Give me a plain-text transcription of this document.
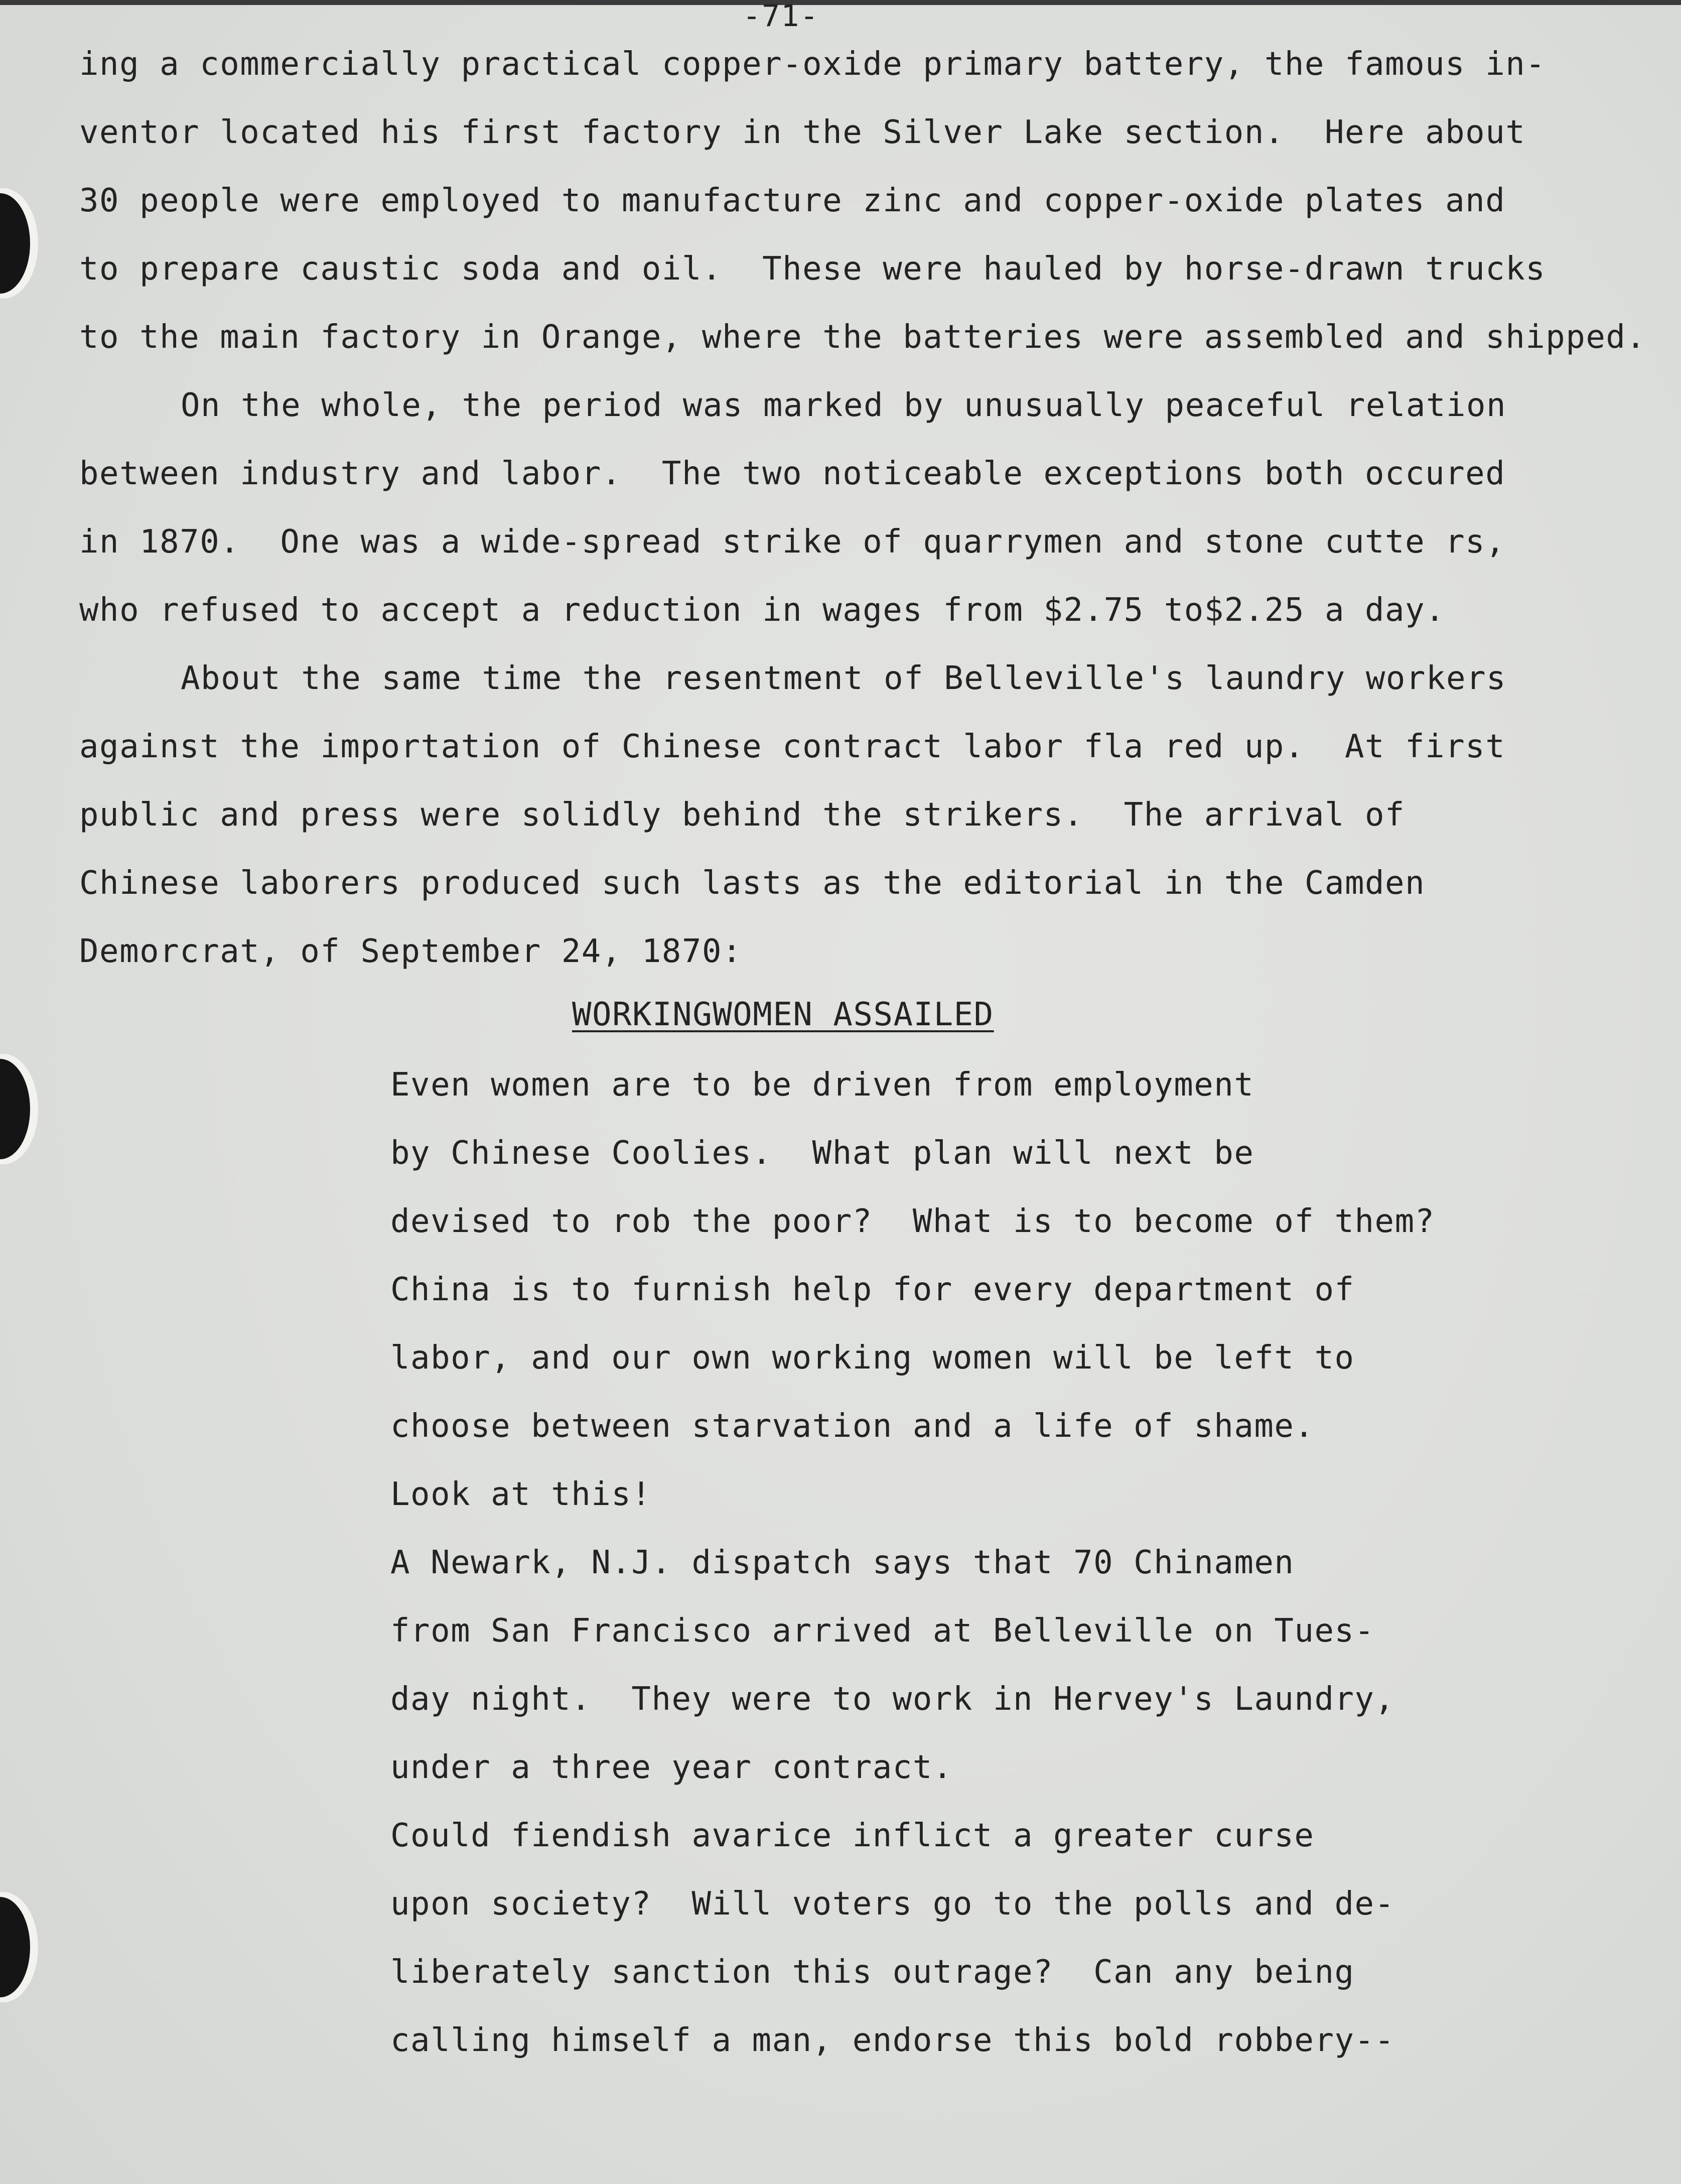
-71-
ing a commercially practical copper-oxide primary battery, the famous in-
ventor located his first factory in the Silver Lake section.  Here about
30 people were employed to manufacture zinc and copper-oxide plates and
to prepare caustic soda and oil.  These were hauled by horse-drawn trucks
to the main factory in Orange, where the batteries were assembled and shipped.
On the whole, the period was marked by unusually peaceful relation
between industry and labor.  The two noticeable exceptions both occured
in 1870.  One was a wide-spread strike of quarrymen and stone cutte rs,
who refused to accept a reduction in wages from $2.75 to$2.25 a day.
About the same time the resentment of Belleville's laundry workers
against the importation of Chinese contract labor fla red up.  At first
public and press were solidly behind the strikers.  The arrival of
Chinese laborers produced such lasts as the editorial in the Camden
Demorcrat, of September 24, 1870:
WORKINGWOMEN ASSAILED
Even women are to be driven from employment
by Chinese Coolies.  What plan will next be
devised to rob the poor?  What is to become of them?
China is to furnish help for every department of
labor, and our own working women will be left to
choose between starvation and a life of shame.
Look at this!
A Newark, N.J. dispatch says that 70 Chinamen
from San Francisco arrived at Belleville on Tues-
day night.  They were to work in Hervey's Laundry,
under a three year contract.
Could fiendish avarice inflict a greater curse
upon society?  Will voters go to the polls and de-
liberately sanction this outrage?  Can any being
calling himself a man, endorse this bold robbery--
